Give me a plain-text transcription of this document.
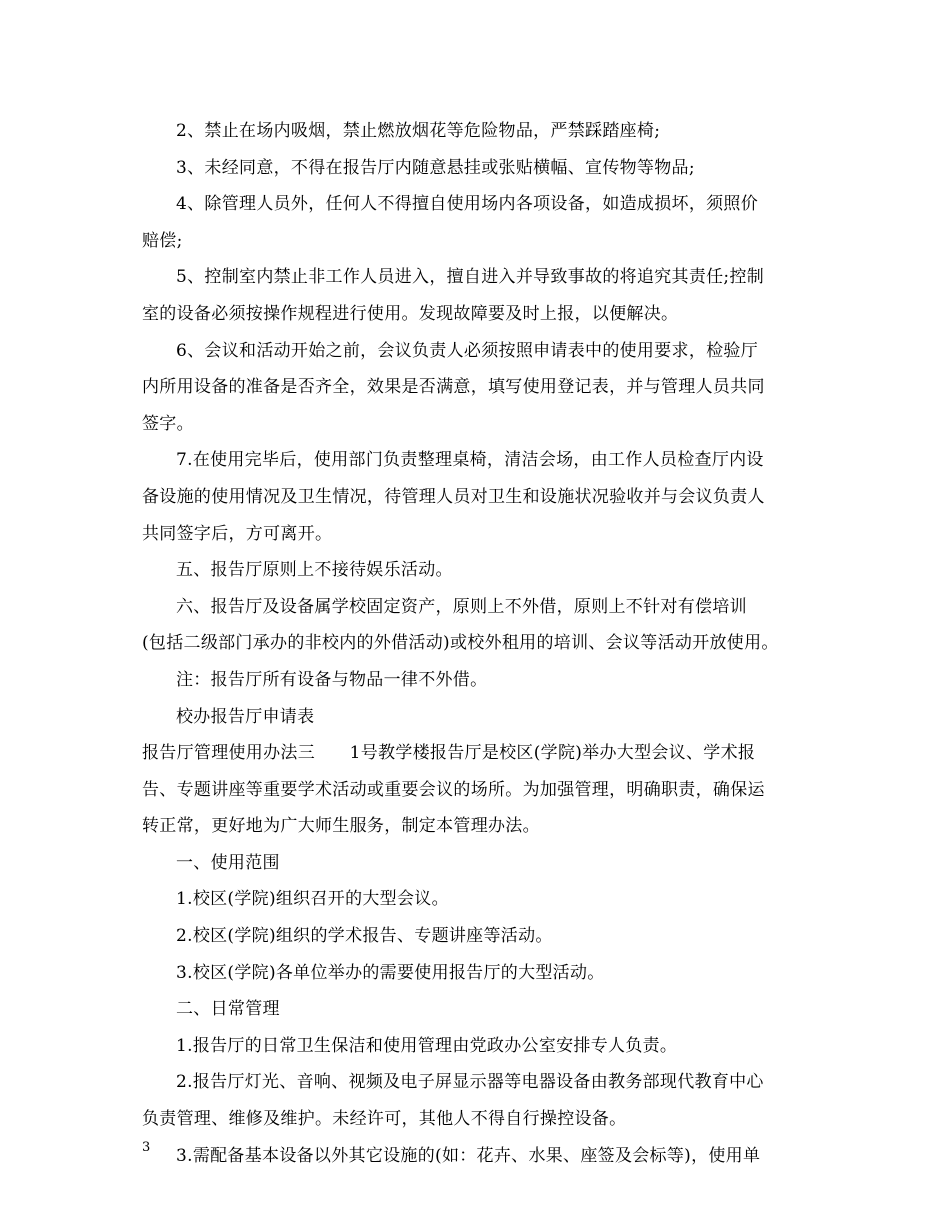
2、禁止在场内吸烟，禁止燃放烟花等危险物品，严禁踩踏座椅;

3、未经同意，不得在报告厅内随意悬挂或张贴横幅、宣传物等物品;

4、除管理人员外，任何人不得擅自使用场内各项设备，如造成损坏，须照价

赔偿;

5、控制室内禁止非工作人员进入，擅自进入并导致事故的将追究其责任;控制

室的设备必须按操作规程进行使用。发现故障要及时上报，以便解决。

6、会议和活动开始之前，会议负责人必须按照申请表中的使用要求，检验厅

内所用设备的准备是否齐全，效果是否满意，填写使用登记表，并与管理人员共同

签字。

7.在使用完毕后，使用部门负责整理桌椅，清洁会场，由工作人员检查厅内设

备设施的使用情况及卫生情况，待管理人员对卫生和设施状况验收并与会议负责人

共同签字后，方可离开。

五、报告厅原则上不接待娱乐活动。

六、报告厅及设备属学校固定资产，原则上不外借，原则上不针对有偿培训

(包括二级部门承办的非校内的外借活动)或校外租用的培训、会议等活动开放使用。

注：报告厅所有设备与物品一律不外借。

校办报告厅申请表

报告厅管理使用办法三　　1号教学楼报告厅是校区(学院)举办大型会议、学术报

告、专题讲座等重要学术活动或重要会议的场所。为加强管理，明确职责，确保运

转正常，更好地为广大师生服务，制定本管理办法。

一、使用范围

1.校区(学院)组织召开的大型会议。

2.校区(学院)组织的学术报告、专题讲座等活动。

3.校区(学院)各单位举办的需要使用报告厅的大型活动。

二、日常管理

1.报告厅的日常卫生保洁和使用管理由党政办公室安排专人负责。

2.报告厅灯光、音响、视频及电子屏显示器等电器设备由教务部现代教育中心

负责管理、维修及维护。未经许可，其他人不得自行操控设备。

3.需配备基本设备以外其它设施的(如：花卉、水果、座签及会标等)，使用单

3
